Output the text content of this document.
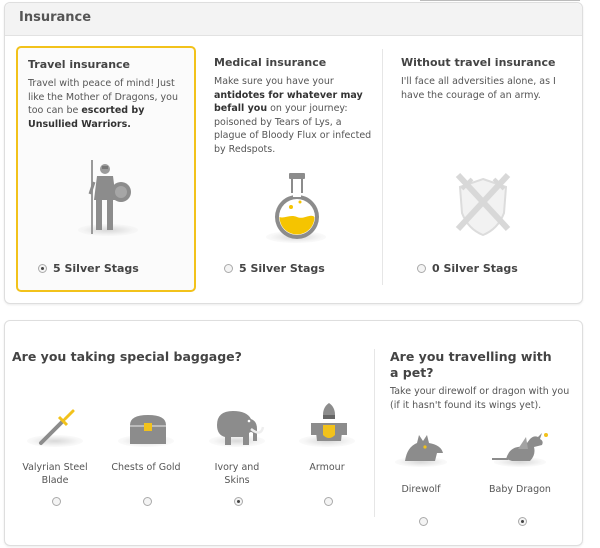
Insurance
Travel insurance
Travel with peace of mind! Just like the Mother of Dragons, you too can be escorted by Unsullied Warriors.
5 Silver Stags
Medical insurance
Make sure you have your antidotes for whatever may befall you on your journey: poisoned by Tears of Lys, a plague of Bloody Flux or infected by Redspots.
5 Silver Stags
Without travel insurance
I'll face all adversities alone, as I have the courage of an army.
0 Silver Stags
Are you taking special baggage?
Valyrian Steel Blade
Chests of Gold	Ivory and Skins
Armour
Are you travelling with a pet?
Take your direwolf or dragon with you (if it hasn't found its wings yet).
Direwolf	Baby Dragon
